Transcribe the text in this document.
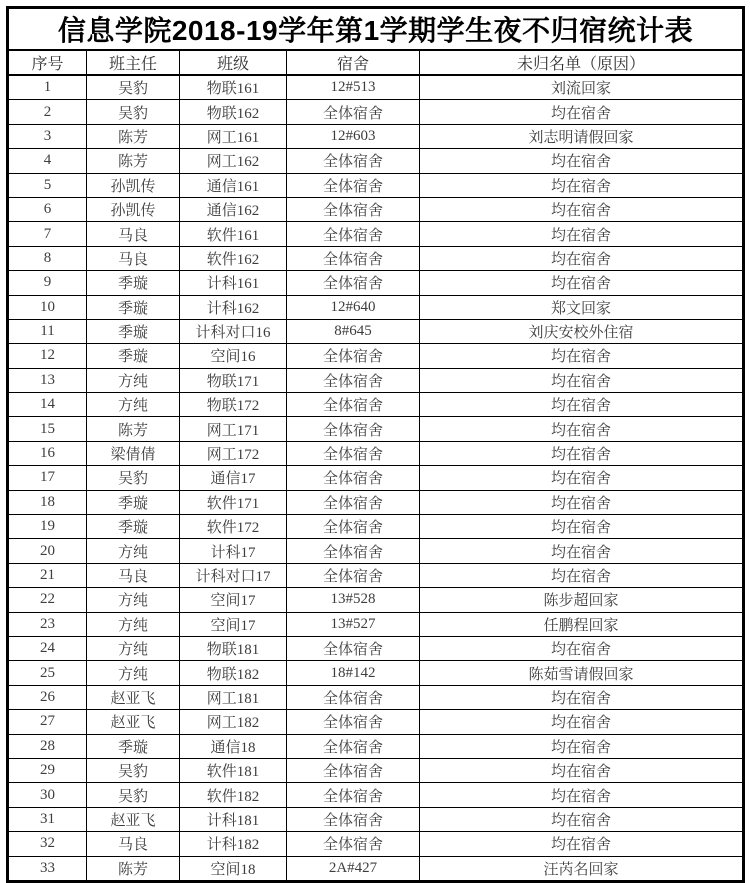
信息学院2018-19学年第1学期学生夜不归宿统计表				
序号	班主任	班级	宿舍	未归名单（原因）
1	吴豹	物联161	12#513	刘流回家
2	吴豹	物联162	全体宿舍	均在宿舍
3	陈芳	网工161	12#603	刘志明请假回家
4	陈芳	网工162	全体宿舍	均在宿舍
5	孙凯传	通信161	全体宿舍	均在宿舍
6	孙凯传	通信162	全体宿舍	均在宿舍
7	马良	软件161	全体宿舍	均在宿舍
8	马良	软件162	全体宿舍	均在宿舍
9	季璇	计科161	全体宿舍	均在宿舍
10	季璇	计科162	12#640	郑文回家
11	季璇	计科对口16	8#645	刘庆安校外住宿
12	季璇	空间16	全体宿舍	均在宿舍
13	方纯	物联171	全体宿舍	均在宿舍
14	方纯	物联172	全体宿舍	均在宿舍
15	陈芳	网工171	全体宿舍	均在宿舍
16	梁倩倩	网工172	全体宿舍	均在宿舍
17	吴豹	通信17	全体宿舍	均在宿舍
18	季璇	软件171	全体宿舍	均在宿舍
19	季璇	软件172	全体宿舍	均在宿舍
20	方纯	计科17	全体宿舍	均在宿舍
21	马良	计科对口17	全体宿舍	均在宿舍
22	方纯	空间17	13#528	陈步超回家
23	方纯	空间17	13#527	任鹏程回家
24	方纯	物联181	全体宿舍	均在宿舍
25	方纯	物联182	18#142	陈茹雪请假回家
26	赵亚飞	网工181	全体宿舍	均在宿舍
27	赵亚飞	网工182	全体宿舍	均在宿舍
28	季璇	通信18	全体宿舍	均在宿舍
29	吴豹	软件181	全体宿舍	均在宿舍
30	吴豹	软件182	全体宿舍	均在宿舍
31	赵亚飞	计科181	全体宿舍	均在宿舍
32	马良	计科182	全体宿舍	均在宿舍
33	陈芳	空间18	2A#427	汪芮名回家
